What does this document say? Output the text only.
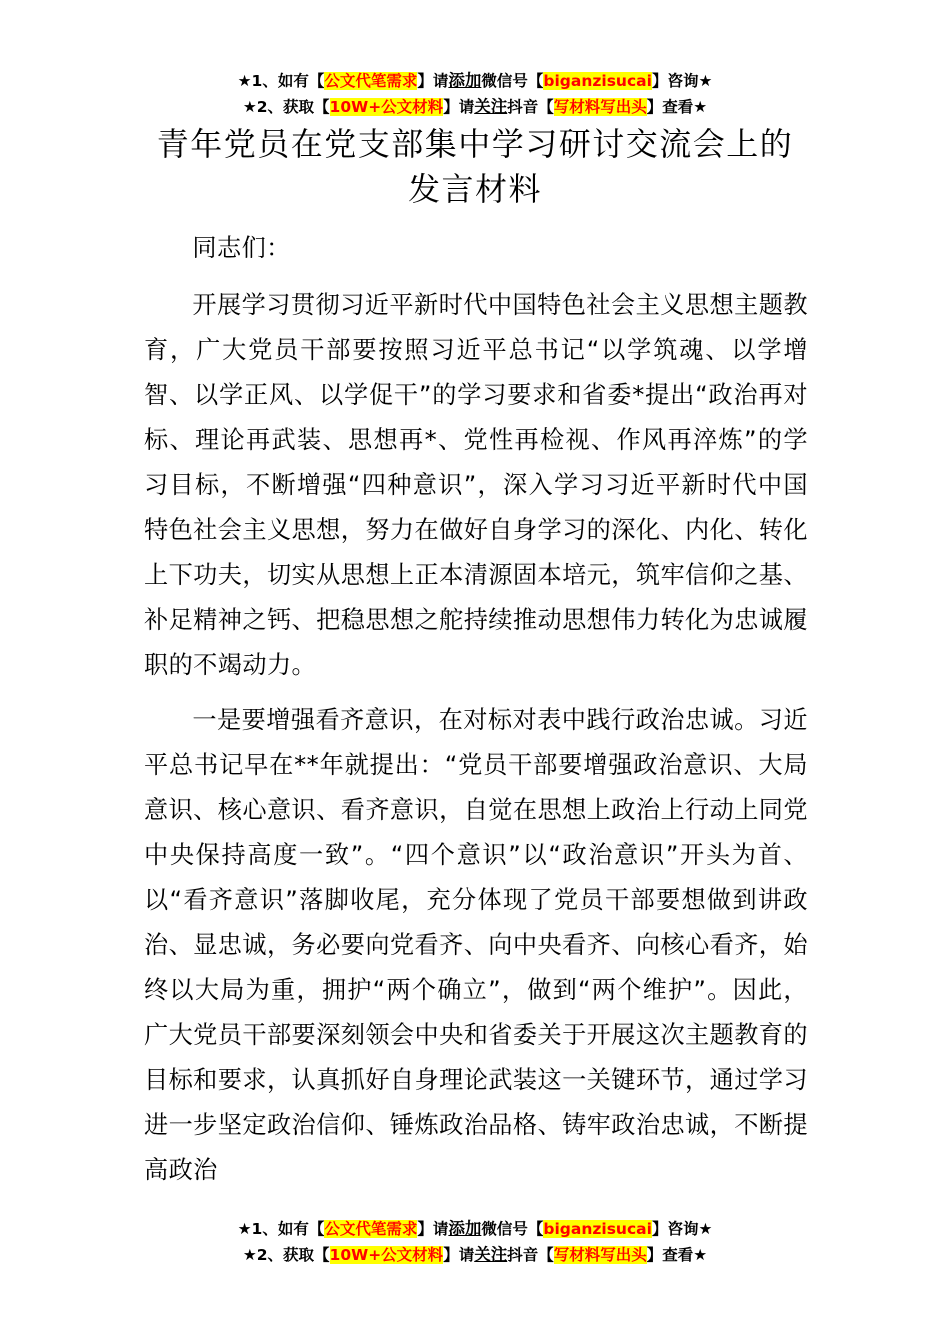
★1、如有【公文代笔需求】请添加微信号【biganzisucai】咨询★
★2、获取【10W+公文材料】请关注抖音【写材料写出头】查看★
青年党员在党支部集中学习研讨交流会上的
发言材料

同志们：

开展学习贯彻习近平新时代中国特色社会主义思想主题教育，广大党员干部要按照习近平总书记“以学筑魂、以学增智、以学正风、以学促干”的学习要求和省委*提出“政治再对标、理论再武装、思想再*、党性再检视、作风再淬炼”的学习目标，不断增强“四种意识”，深入学习习近平新时代中国特色社会主义思想，努力在做好自身学习的深化、内化、转化上下功夫，切实从思想上正本清源固本培元，筑牢信仰之基、补足精神之钙、把稳思想之舵持续推动思想伟力转化为忠诚履职的不竭动力。

一是要增强看齐意识，在对标对表中践行政治忠诚。习近平总书记早在**年就提出：“党员干部要增强政治意识、大局意识、核心意识、看齐意识，自觉在思想上政治上行动上同党中央保持高度一致”。“四个意识”以“政治意识”开头为首、以“看齐意识”落脚收尾，充分体现了党员干部要想做到讲政治、显忠诚，务必要向党看齐、向中央看齐、向核心看齐，始终以大局为重，拥护“两个确立”，做到“两个维护”。因此，广大党员干部要深刻领会中央和省委关于开展这次主题教育的目标和要求，认真抓好自身理论武装这一关键环节，通过学习进一步坚定政治信仰、锤炼政治品格、铸牢政治忠诚，不断提高政治

★1、如有【公文代笔需求】请添加微信号【biganzisucai】咨询★
★2、获取【10W+公文材料】请关注抖音【写材料写出头】查看★
